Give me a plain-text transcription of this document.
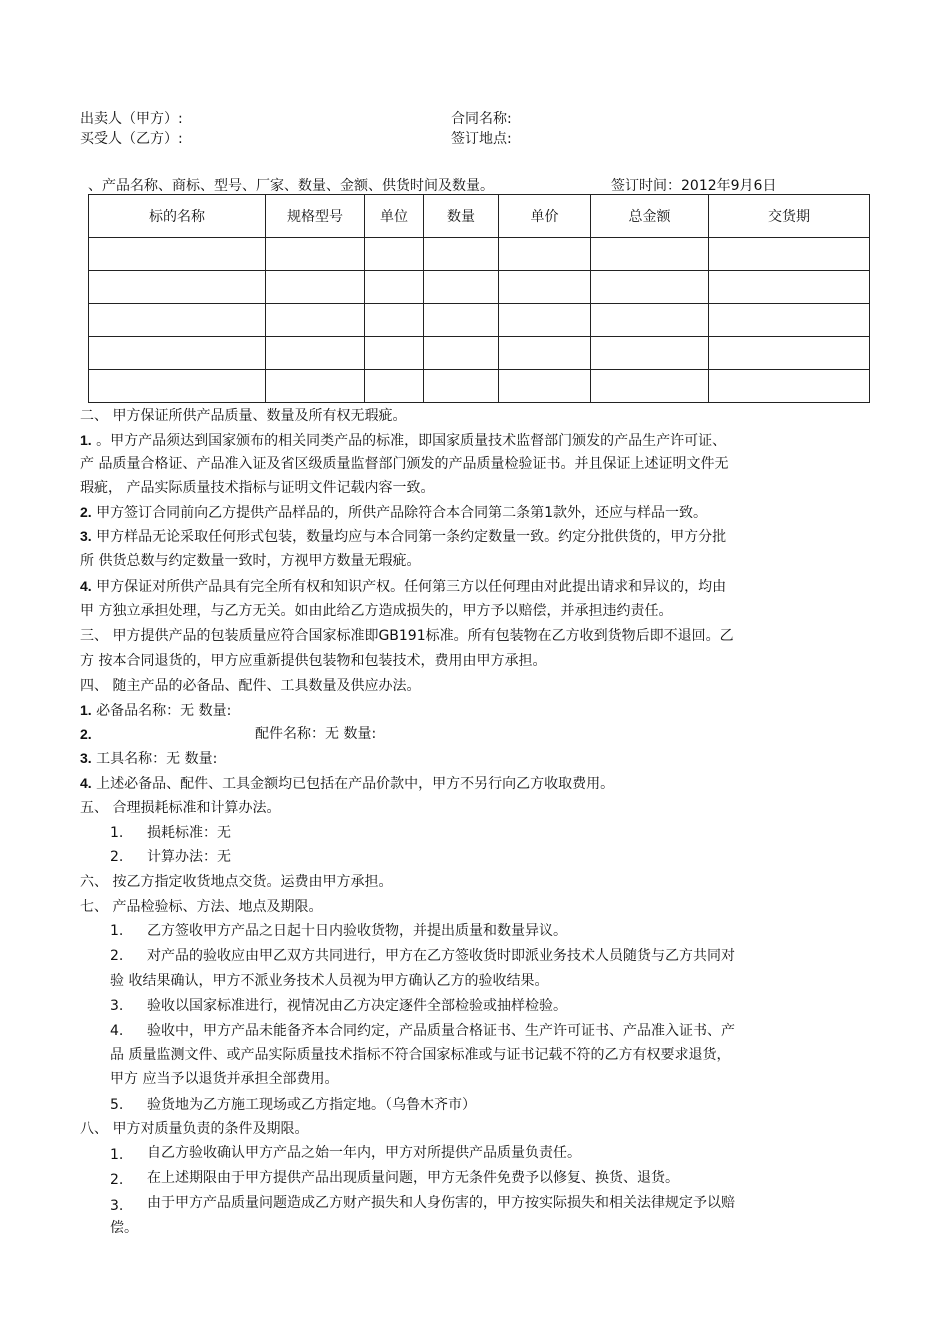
出卖人（甲方）:
买受人（乙方）:
合同名称:
签订地点:
、产品名称、商标、型号、厂家、数量、金额、供货时间及数量。	签订时间：2012年9月6日
标的名称	规格型号	单位	数量	单价	总金额	交货期

二、 甲方保证所供产品质量、数量及所有权无瑕疵。
1. 。甲方产品须达到国家颁布的相关同类产品的标准，即国家质量技术监督部门颁发的产品生产许可证、
产 品质量合格证、产品准入证及省区级质量监督部门颁发的产品质量检验证书。并且保证上述证明文件无
瑕疵， 产品实际质量技术指标与证明文件记载内容一致。
2. 甲方签订合同前向乙方提供产品样品的，所供产品除符合本合同第二条第1款外，还应与样品一致。
3. 甲方样品无论采取任何形式包装，数量均应与本合同第一条约定数量一致。约定分批供货的，甲方分批
所 供货总数与约定数量一致时，方视甲方数量无瑕疵。
4. 甲方保证对所供产品具有完全所有权和知识产权。任何第三方以任何理由对此提出请求和异议的，均由
甲 方独立承担处理，与乙方无关。如由此给乙方造成损失的，甲方予以赔偿，并承担违约责任。
三、 甲方提供产品的包装质量应符合国家标准即GB191标准。所有包装物在乙方收到货物后即不退回。乙
方 按本合同退货的，甲方应重新提供包装物和包装技术，费用由甲方承担。
四、 随主产品的必备品、配件、工具数量及供应办法。
1. 必备品名称：无 数量:
2.	配件名称：无 数量:
3. 工具名称：无 数量:
4. 上述必备品、配件、工具金额均已包括在产品价款中，甲方不另行向乙方收取费用。
五、 合理损耗标准和计算办法。
1. 损耗标准：无
2. 计算办法：无
六、 按乙方指定收货地点交货。运费由甲方承担。
七、 产品检验标、方法、地点及期限。
1. 乙方签收甲方产品之日起十日内验收货物，并提出质量和数量异议。
2. 对产品的验收应由甲乙双方共同进行，甲方在乙方签收货时即派业务技术人员随货与乙方共同对
验 收结果确认，甲方不派业务技术人员视为甲方确认乙方的验收结果。
3. 验收以国家标准进行，视情况由乙方决定逐件全部检验或抽样检验。
4. 验收中，甲方产品未能备齐本合同约定，产品质量合格证书、生产许可证书、产品准入证书、产
品 质量监测文件、或产品实际质量技术指标不符合国家标准或与证书记载不符的乙方有权要求退货，
甲方 应当予以退货并承担全部费用。
5. 验货地为乙方施工现场或乙方指定地。（乌鲁木齐市）
八、 甲方对质量负责的条件及期限。
1. 自乙方验收确认甲方产品之始一年内，甲方对所提供产品质量负责任。
2. 在上述期限由于甲方提供产品出现质量问题，甲方无条件免费予以修复、换货、退货。
3. 由于甲方产品质量问题造成乙方财产损失和人身伤害的，甲方按实际损失和相关法律规定予以赔
偿。
